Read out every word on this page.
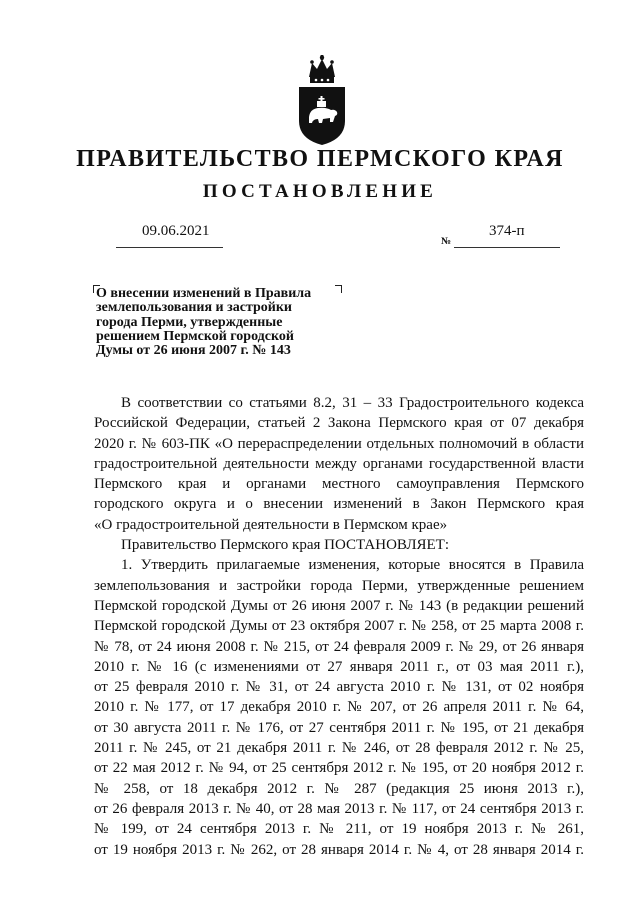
ПРАВИТЕЛЬСТВО ПЕРМСКОГО КРАЯ
ПОСТАНОВЛЕНИЕ
09.06.2021
№
374-п
О внесении изменений в Правила
землепользования и застройки
города Перми, утвержденные
решением Пермской городской
Думы от 26 июня 2007 г. № 143
В соответствии со статьями 8.2, 31 – 33 Градостроительного кодекса
Российской Федерации, статьей 2 Закона Пермского края от 07 декабря
2020 г. № 603-ПК «О перераспределении отдельных полномочий в области
градостроительной деятельности между органами государственной власти
Пермского края и органами местного самоуправления Пермского
городского округа и о внесении изменений в Закон Пермского края
«О градостроительной деятельности в Пермском крае»
Правительство Пермского края ПОСТАНОВЛЯЕТ:
1. Утвердить прилагаемые изменения, которые вносятся в Правила
землепользования и застройки города Перми, утвержденные решением
Пермской городской Думы от 26 июня 2007 г. № 143 (в редакции решений
Пермской городской Думы от 23 октября 2007 г. № 258, от 25 марта 2008 г.
№ 78, от 24 июня 2008 г. № 215, от 24 февраля 2009 г. № 29, от 26 января
2010 г. № 16 (с изменениями от 27 января 2011 г., от 03 мая 2011 г.),
от 25 февраля 2010 г. № 31, от 24 августа 2010 г. № 131, от 02 ноября
2010 г. № 177, от 17 декабря 2010 г. № 207, от 26 апреля 2011 г. № 64,
от 30 августа 2011 г. № 176, от 27 сентября 2011 г. № 195, от 21 декабря
2011 г. № 245, от 21 декабря 2011 г. № 246, от 28 февраля 2012 г. № 25,
от 22 мая 2012 г. № 94, от 25 сентября 2012 г. № 195, от 20 ноября 2012 г.
№ 258, от 18 декабря 2012 г. № 287 (редакция 25 июня 2013 г.),
от 26 февраля 2013 г. № 40, от 28 мая 2013 г. № 117, от 24 сентября 2013 г.
№ 199, от 24 сентября 2013 г. № 211, от 19 ноября 2013 г. № 261,
от 19 ноября 2013 г. № 262, от 28 января 2014 г. № 4, от 28 января 2014 г.
